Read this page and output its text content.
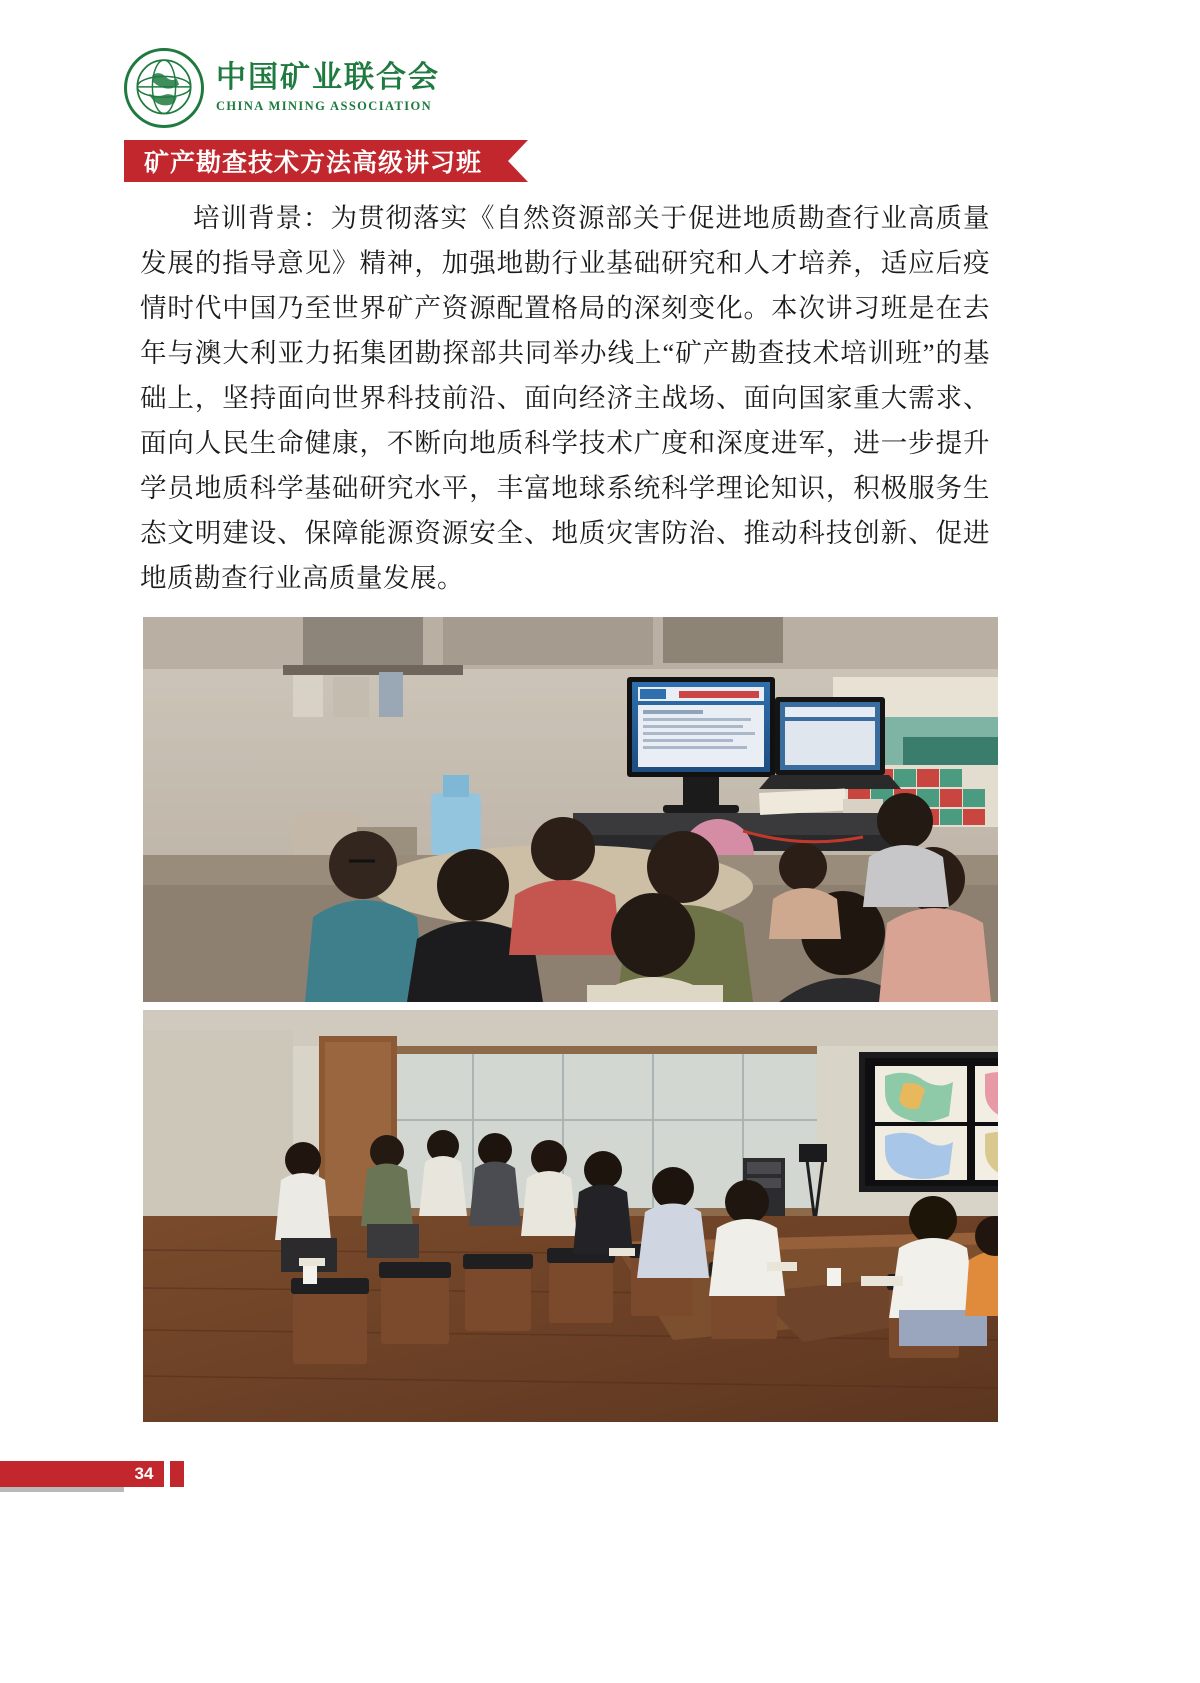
中国矿业联合会
CHINA MINING ASSOCIATION
矿产勘查技术方法高级讲习班
培训背景：为贯彻落实《自然资源部关于促进地质勘查行业高质量发展的指导意见》精神，加强地勘行业基础研究和人才培养，适应后疫情时代中国乃至世界矿产资源配置格局的深刻变化。本次讲习班是在去年与澳大利亚力拓集团勘探部共同举办线上“矿产勘查技术培训班”的基础上，坚持面向世界科技前沿、面向经济主战场、面向国家重大需求、面向人民生命健康，不断向地质科学技术广度和深度进军，进一步提升学员地质科学基础研究水平，丰富地球系统科学理论知识，积极服务生态文明建设、保障能源资源安全、地质灾害防治、推动科技创新、促进地质勘查行业高质量发展。
34
